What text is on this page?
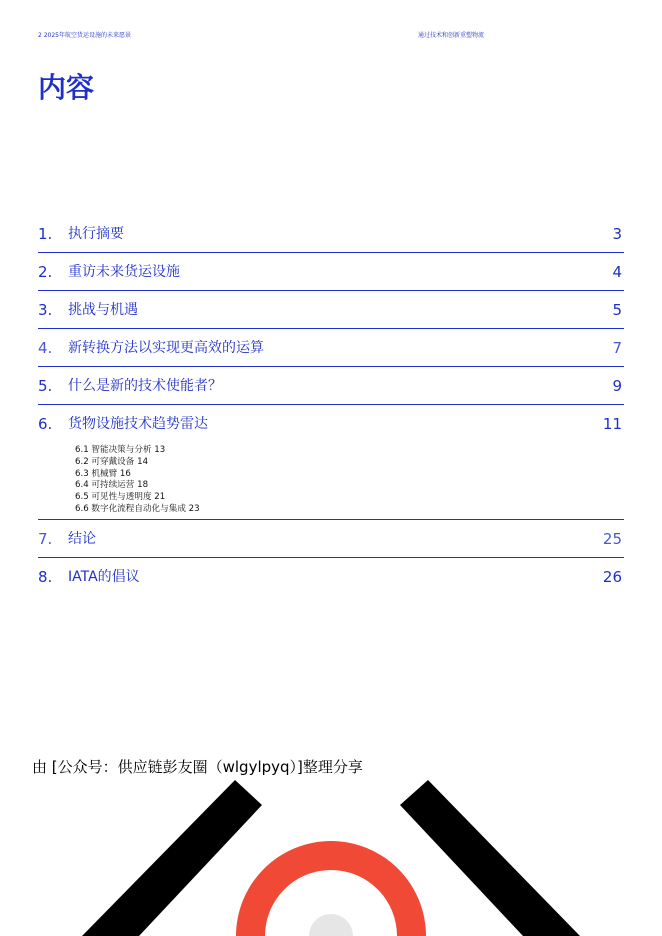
2 2025年航空货运设施的未来愿景	通过技术和创新重塑物流
内容
1. 执行摘要	3
2. 重访未来货运设施	4
3. 挑战与机遇	5
4. 新转换方法以实现更高效的运算	7
5. 什么是新的技术使能者？	9
6. 货物设施技术趋势雷达	11
6.1 智能决策与分析 13
6.2 可穿戴设备 14
6.3 机械臂 16
6.4 可持续运营 18
6.5 可见性与透明度 21
6.6 数字化流程自动化与集成 23
7. 结论	25
8. IATA的倡议	26
由 [公众号：供应链彭友圈（wlgylpyq）]整理分享
